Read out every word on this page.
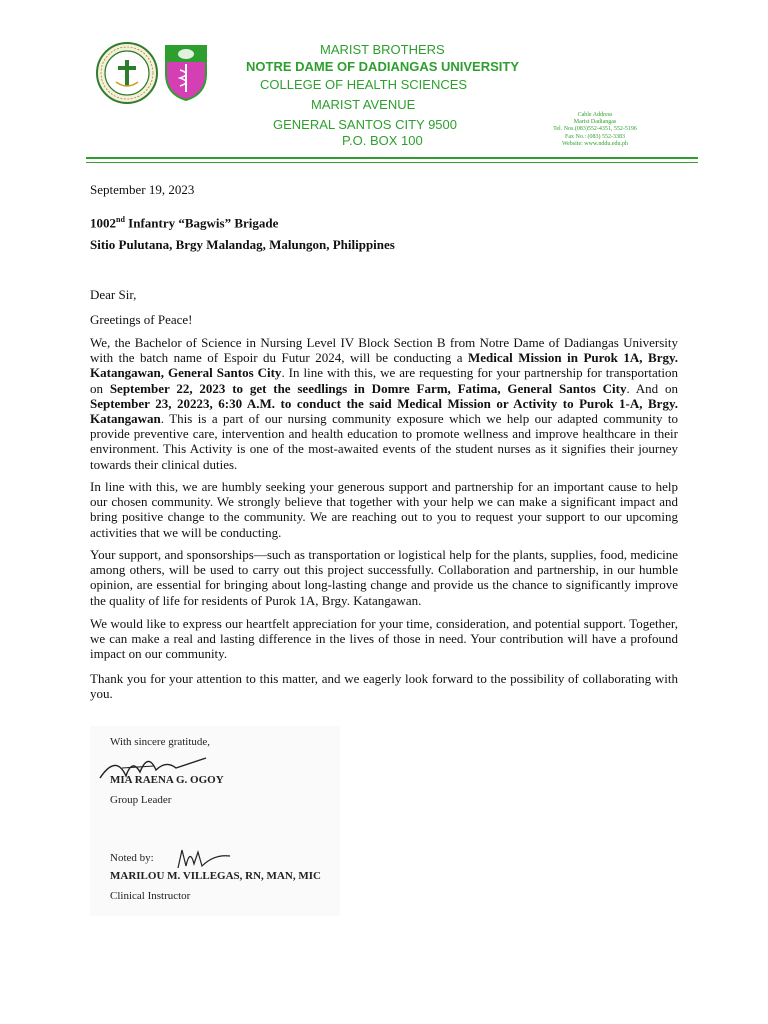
MARIST BROTHERS
NOTRE DAME OF DADIANGAS UNIVERSITY
COLLEGE OF HEALTH SCIENCES
MARIST AVENUE
GENERAL SANTOS CITY 9500
P.O. BOX 100
Cable Address
Marist Dadiangas
Tel. Nos.(083)552-4351, 552-5196
Fax No.: (083) 552-3383
Website: www.nddu.edu.ph
September 19, 2023
1002nd Infantry “Bagwis” Brigade
Sitio Pulutana, Brgy Malandag, Malungon, Philippines
Dear Sir,
Greetings of Peace!
We, the Bachelor of Science in Nursing Level IV Block Section B from Notre Dame of Dadiangas University with the batch name of Espoir du Futur 2024, will be conducting a Medical Mission in Purok 1A, Brgy. Katangawan, General Santos City. In line with this, we are requesting for your partnership for transportation on September 22, 2023 to get the seedlings in Domre Farm, Fatima, General Santos City. And on September 23, 20223, 6:30 A.M. to conduct the said Medical Mission or Activity to Purok 1-A, Brgy. Katangawan. This is a part of our nursing community exposure which we help our adapted community to provide preventive care, intervention and health education to promote wellness and improve healthcare in their environment. This Activity is one of the most-awaited events of the student nurses as it signifies their journey towards their clinical duties.
In line with this, we are humbly seeking your generous support and partnership for an important cause to help our chosen community. We strongly believe that together with your help we can make a significant impact and bring positive change to the community. We are reaching out to you to request your support to our upcoming activities that we will be conducting.
Your support, and sponsorships—such as transportation or logistical help for the plants, supplies, food, medicine among others, will be used to carry out this project successfully. Collaboration and partnership, in our humble opinion, are essential for bringing about long-lasting change and provide us the chance to significantly improve the quality of life for residents of Purok 1A, Brgy. Katangawan.
We would like to express our heartfelt appreciation for your time, consideration, and potential support. Together, we can make a real and lasting difference in the lives of those in need. Your contribution will have a profound impact on our community.
Thank you for your attention to this matter, and we eagerly look forward to the possibility of collaborating with you.
With sincere gratitude,
MIA RAENA G. OGOY
Group Leader
Noted by:
MARILOU M. VILLEGAS, RN, MAN, MIC
Clinical Instructor
